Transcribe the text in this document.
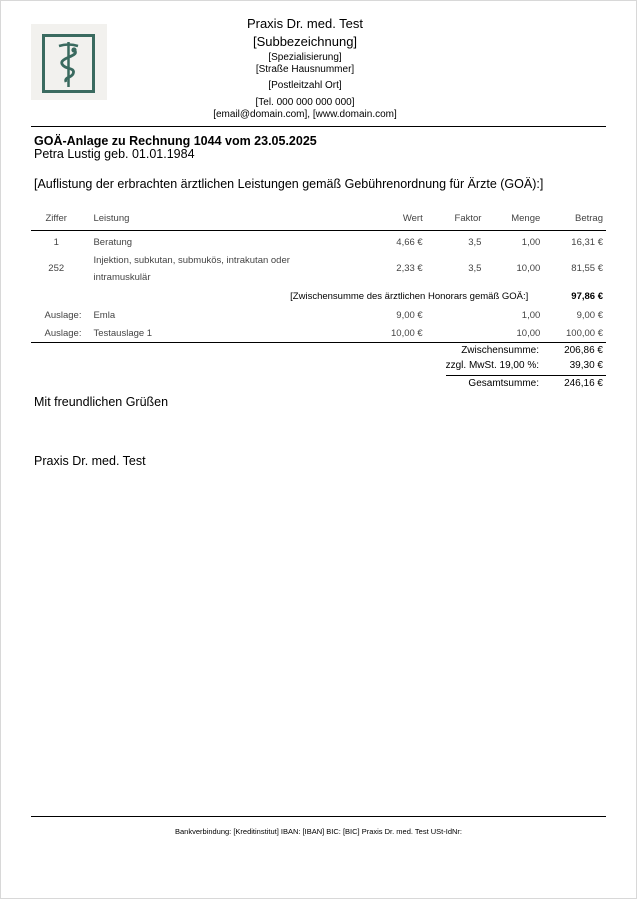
Praxis Dr. med. Test
[Subbezeichnung]
[Spezialisierung]
[Straße Hausnummer]
[Postleitzahl Ort]
[Tel. 000 000 000 000]
[email@domain.com], [www.domain.com]
GOÄ-Anlage zu Rechnung 1044 vom 23.05.2025
Petra Lustig geb. 01.01.1984
[Auflistung der erbrachten ärztlichen Leistungen gemäß Gebührenordnung für Ärzte (GOÄ):]
Ziffer	Leistung	Wert	Faktor	Menge	Betrag

1	Beratung	4,66 €	3,5	1,00	16,31 €
252	Injektion, subkutan, submukös, intrakutan oder intramuskulär	2,33 €	3,5	10,00	81,55 €
[Zwischensumme des ärztlichen Honorars gemäß GOÄ:]					97,86 €
Auslage:	Emla	9,00 €		1,00	9,00 €
Auslage:	Testauslage 1	10,00 €		10,00	100,00 €
Zwischensumme:	206,86 €
zzgl. MwSt. 19,00 %:	39,30 €
Gesamtsumme:	246,16 €
Mit freundlichen Grüßen
Praxis Dr. med. Test
Bankverbindung: [Kreditinstitut] IBAN: [IBAN] BIC: [BIC] Praxis Dr. med. Test USt-IdNr:
